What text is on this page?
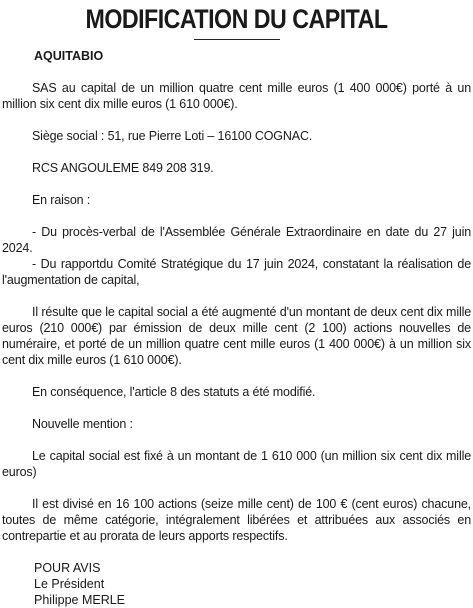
MODIFICATION DU CAPITAL
AQUITABIO

SAS au capital de un million quatre cent mille euros (1 400 000€) porté à un million six cent dix mille euros (1 610 000€).

Siège social : 51, rue Pierre Loti – 16100 COGNAC.

RCS ANGOULEME 849 208 319.

En raison :

- Du procès-verbal de l'Assemblée Générale Extraordinaire en date du 27 juin 2024.

- Du rapportdu Comité Stratégique du 17 juin 2024, constatant la réalisation de l'augmentation de capital,

Il résulte que le capital social a été augmenté d'un montant de deux cent dix mille euros (210 000€) par émission de deux mille cent (2 100) actions nouvelles de numéraire, et porté de un million quatre cent mille euros (1 400 000€) à un million six cent dix mille euros (1 610 000€).

En conséquence, l'article 8 des statuts a été modifié.

Nouvelle mention :

Le capital social est fixé à un montant de 1 610 000 (un million six cent dix mille euros)

Il est divisé en 16 100 actions (seize mille cent) de 100 € (cent euros) chacune, toutes de même catégorie, intégralement libérées et attribuées aux associés en contrepartie et au prorata de leurs apports respectifs.

POUR AVIS
Le Président
Philippe MERLE
